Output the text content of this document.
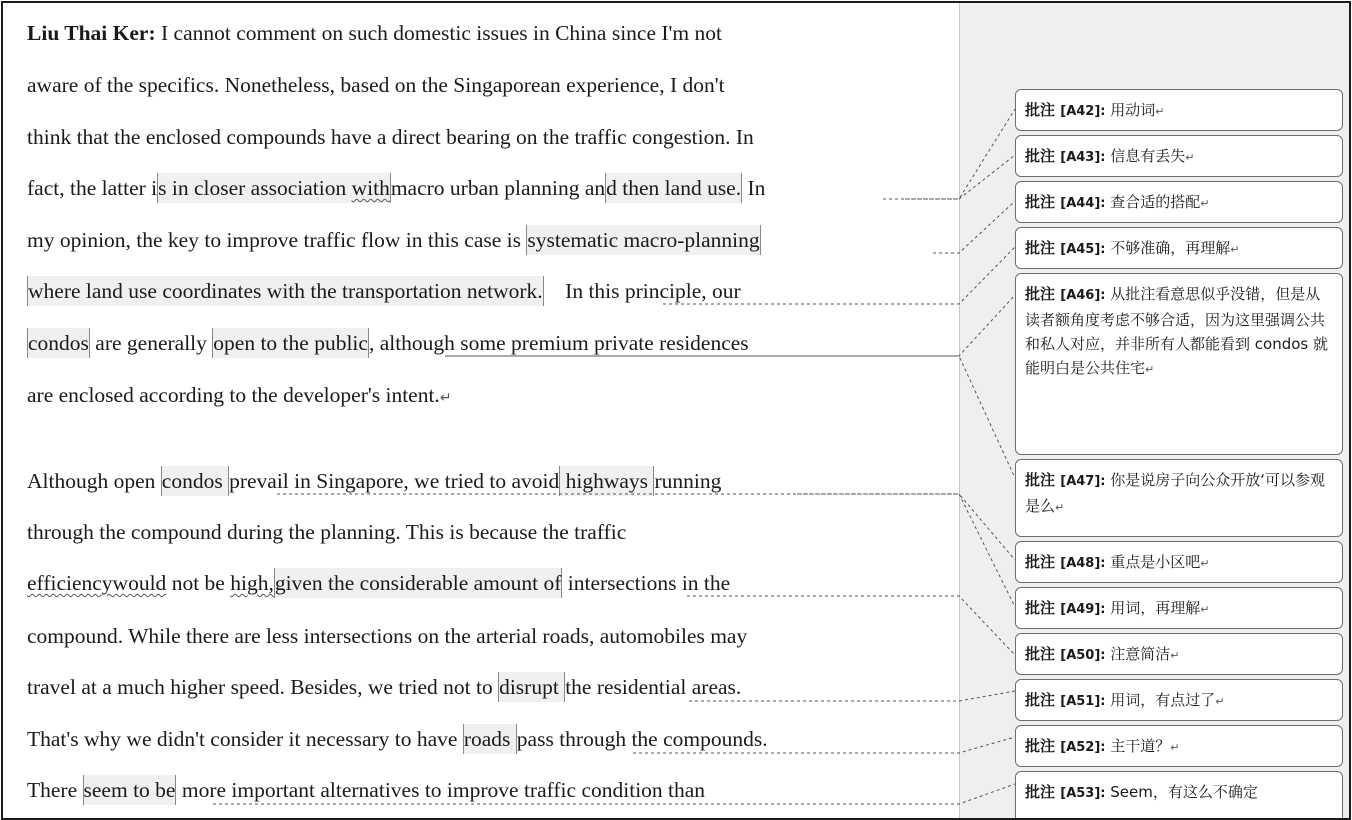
Liu Thai Ker: I cannot comment on such domestic issues in China since I'm not
aware of the specifics. Nonetheless, based on the Singaporean experience, I don't
think that the enclosed compounds have a direct bearing on the traffic congestion. In
fact, the latter is in closer association withmacro urban planning and then land use. In
my opinion, the key to improve traffic flow in this case is systematic macro-planning
where land use coordinates with the transportation network.    In this principle, our
condos are generally open to the public, although some premium private residences
are enclosed according to the developer's intent.↵
Although open condos prevail in Singapore, we tried to avoid highways running
through the compound during the planning. This is because the traffic
efficiencywould not be high,given the considerable amount of intersections in the
compound. While there are less intersections on the arterial roads, automobiles may
travel at a much higher speed. Besides, we tried not to disrupt the residential areas.
That's why we didn't consider it necessary to have roads pass through the compounds.
There seem to be more important alternatives to improve traffic condition than
批注 [A42]: 用动词↵
批注 [A43]: 信息有丢失↵
批注 [A44]: 查合适的搭配↵
批注 [A45]: 不够准确，再理解↵
批注 [A46]: 从批注看意思似乎没错，但是从读者额角度考虑不够合适，因为这里强调公共和私人对应，并非所有人都能看到 condos 就能明白是公共住宅↵
批注 [A47]: 你是说房子向公众开放‘可以参观是么↵
批注 [A48]: 重点是小区吧↵
批注 [A49]: 用词，再理解↵
批注 [A50]: 注意简洁↵
批注 [A51]: 用词，有点过了↵
批注 [A52]: 主干道？↵
批注 [A53]: Seem，有这么不确定
